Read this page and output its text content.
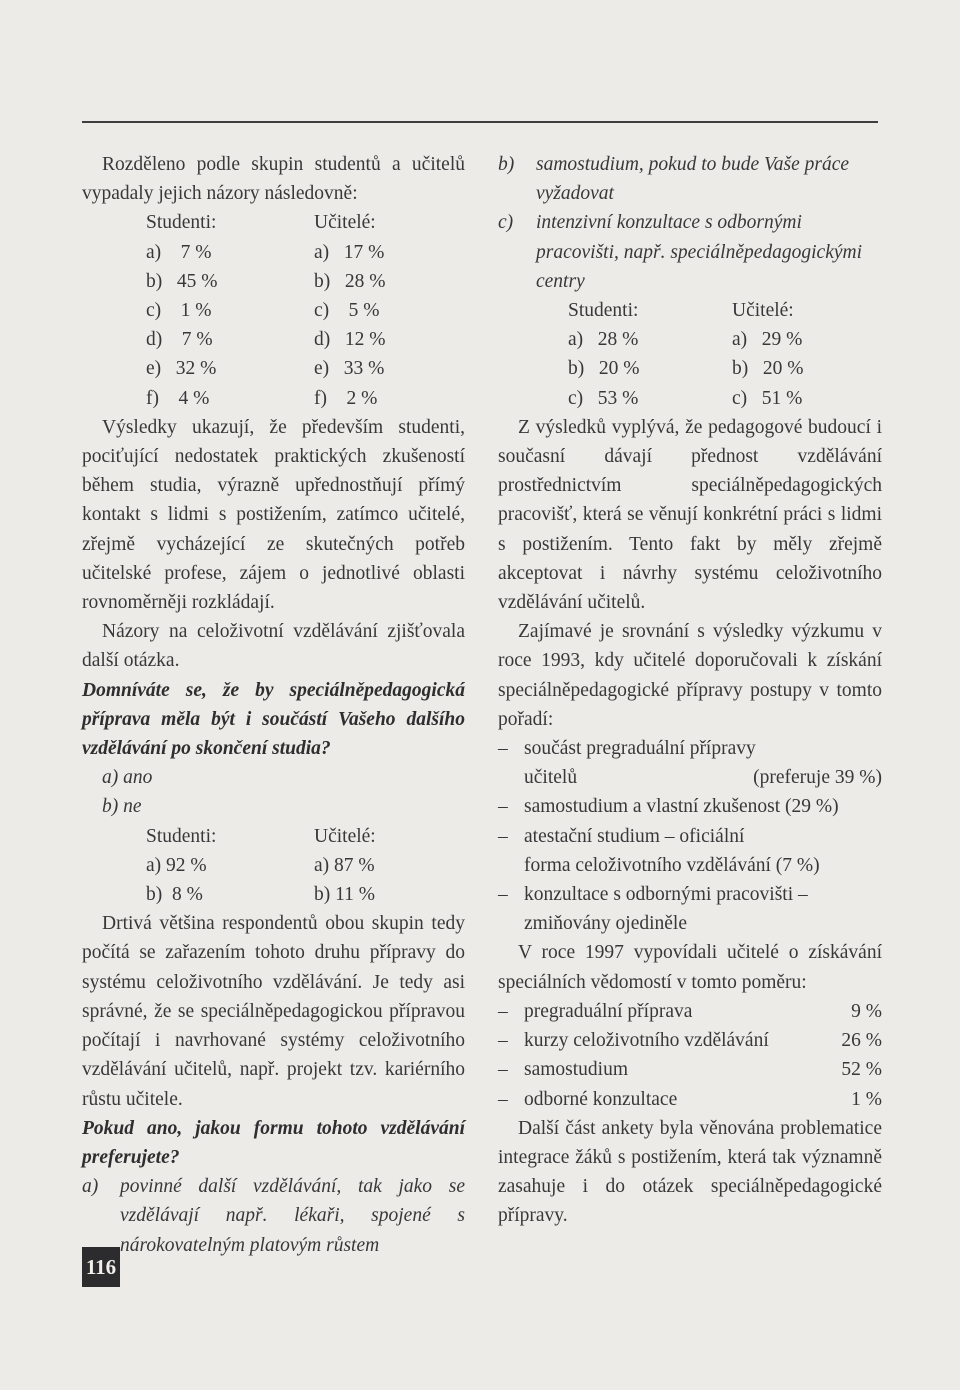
Rozděleno podle skupin studentů a učitelů vypadaly jejich názory následovně:

Studenti:	Učitelé:
a)    7 %	a)   17 %
b)   45 %	b)   28 %
c)    1 %	c)    5 %
d)    7 %	d)   12 %
e)   32 %	e)   33 %
f)    4 %	f)    2 %

Výsledky ukazují, že především studenti, pociťující nedostatek praktických zkušeností během studia, výrazně upřednostňují přímý kontakt s lidmi s postižením, zatímco učitelé, zřejmě vycházející ze skutečných potřeb učitelské profese, zájem o jednotlivé oblasti rovnoměrněji rozkládají.

Názory na celoživotní vzdělávání zjišťovala další otázka.

Domníváte se, že by speciálněpedagogická příprava měla být i součástí Vašeho dalšího vzdělávání po skončení studia?

a) ano

b) ne

Studenti:	Učitelé:
a) 92 %	a) 87 %
b)  8 %	b) 11 %

Drtivá většina respondentů obou skupin tedy počítá se zařazením tohoto druhu přípravy do systému celoživotního vzdělávání. Je tedy asi správné, že se speciálněpedagogickou přípravou počítají i navrhované systémy celoživotního vzdělávání učitelů, např. projekt tzv. kariérního růstu učitele.

Pokud ano, jakou formu tohoto vzdělávání preferujete?

a)	povinné další vzdělávání, tak jako se vzdělávají např. lékaři, spojené s nárokovatelným platovým růstem
b)	samostudium, pokud to bude Vaše práce vyžadovat
c)	intenzivní konzultace s odbornými pracovišti, např. speciálněpedagogickými centry
Studenti:	Učitelé:
a)   28 %	a)   29 %
b)   20 %	b)   20 %
c)   53 %	c)   51 %

Z výsledků vyplývá, že pedagogové budoucí i současní dávají přednost vzdělávání prostřednictvím speciálněpedagogických pracovišť, která se věnují konkrétní práci s lidmi s postižením. Tento fakt by měly zřejmě akceptovat i návrhy systému celoživotního vzdělávání učitelů.

Zajímavé je srovnání s výsledky výzkumu v roce 1993, kdy učitelé doporučovali k získání speciálněpedagogické přípravy postupy v tomto pořadí:

– součást pregraduální přípravy
učitelů	(preferuje 39 %)
– samostudium a vlastní zkušenost (29 %)
– atestační studium – oficiální
forma celoživotního vzdělávání (7 %)
– konzultace s odbornými pracovišti –
zmiňovány ojediněle

V roce 1997 vypovídali učitelé o získávání speciálních vědomostí v tomto poměru:

– pregraduální příprava	9 %
– kurzy celoživotního vzdělávání	26 %
– samostudium	52 %
– odborné konzultace	1 %

Další část ankety byla věnována problematice integrace žáků s postižením, která tak významně zasahuje i do otázek speciálněpedagogické přípravy.

116
